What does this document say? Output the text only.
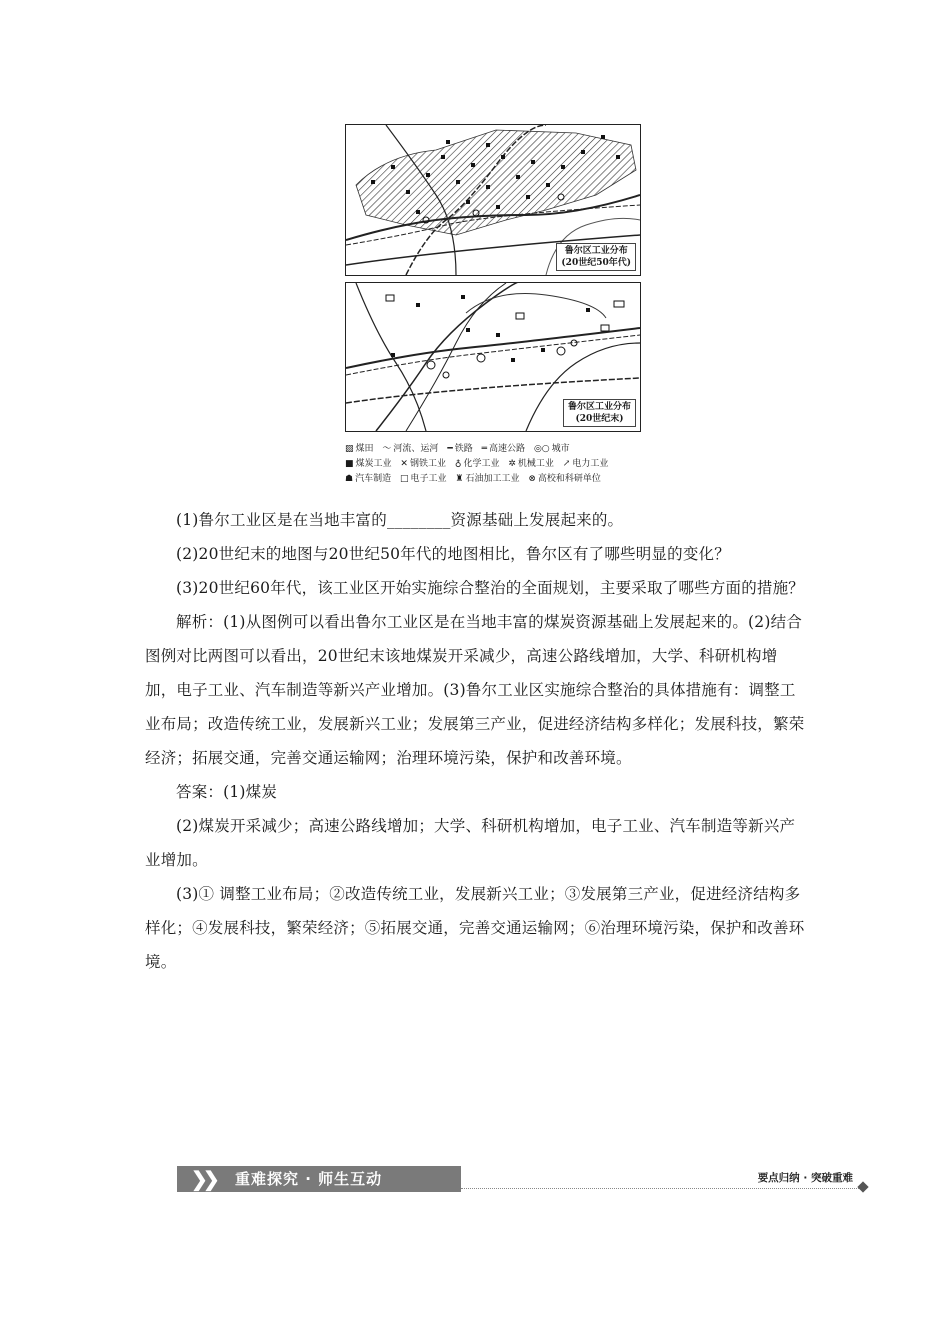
鲁尔区工业分布
(20世纪50年代)
鲁尔区工业分布
(20世纪末)
▨ 煤田 〜 河流、运河 ━ 铁路 ═ 高速公路 ◎○ 城市
■ 煤炭工业 ✕ 钢铁工业 ♁ 化学工业 ✲ 机械工业 ↗ 电力工业
☗ 汽车制造 □ 电子工业 ♜ 石油加工工业 ⊗ 高校和科研单位

(1)鲁尔工业区是在当地丰富的________资源基础上发展起来的。

(2)20世纪末的地图与20世纪50年代的地图相比，鲁尔区有了哪些明显的变化？

(3)20世纪60年代，该工业区开始实施综合整治的全面规划，主要采取了哪些方面的措施？

解析：(1)从图例可以看出鲁尔工业区是在当地丰富的煤炭资源基础上发展起来的。(2)结合图例对比两图可以看出，20世纪末该地煤炭开采减少，高速公路线增加，大学、科研机构增加，电子工业、汽车制造等新兴产业增加。(3)鲁尔工业区实施综合整治的具体措施有：调整工业布局；改造传统工业，发展新兴工业；发展第三产业，促进经济结构多样化；发展科技，繁荣经济；拓展交通，完善交通运输网；治理环境污染，保护和改善环境。

答案：(1)煤炭

(2)煤炭开采减少；高速公路线增加；大学、科研机构增加，电子工业、汽车制造等新兴产业增加。

(3)① 调整工业布局；②改造传统工业，发展新兴工业；③发展第三产业，促进经济结构多样化；④发展科技，繁荣经济；⑤拓展交通，完善交通运输网；⑥治理环境污染，保护和改善环境。

❯
❯ 重难探究 · 师生互动	要点归纳 · 突破重难
